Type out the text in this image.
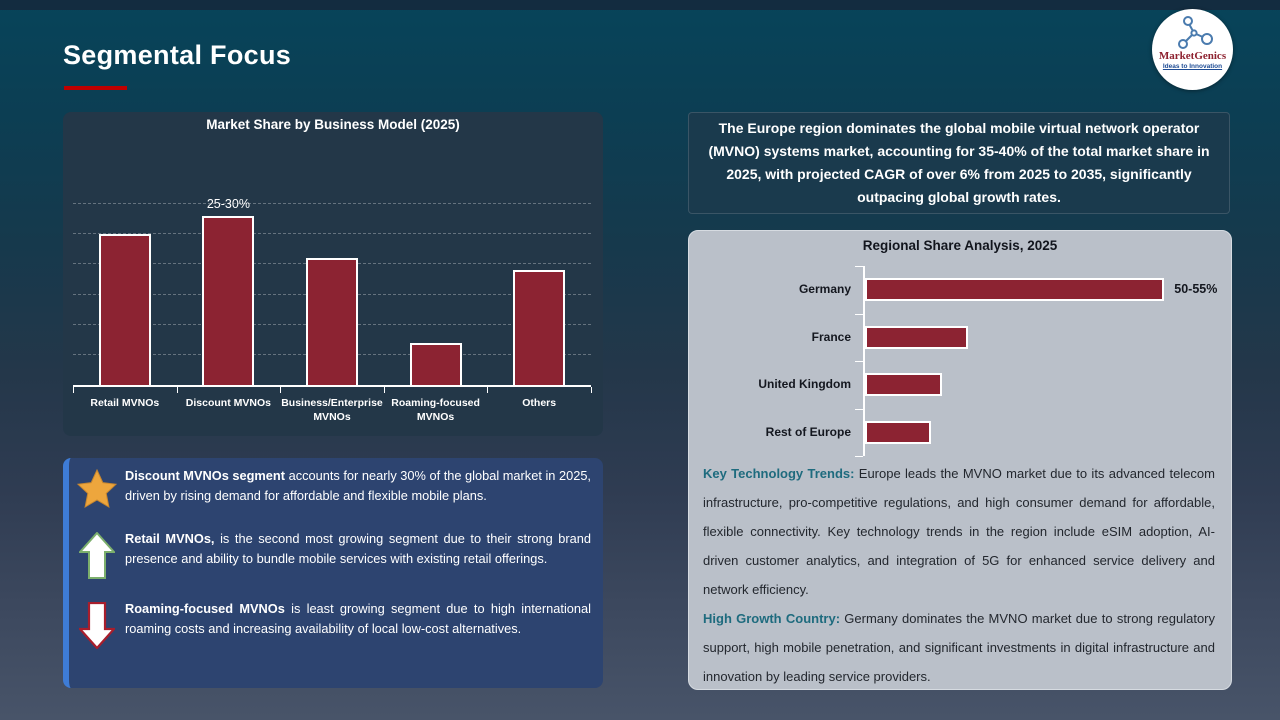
Segmental Focus	MarketGenics
Ideas to Innovation
Market Share by Business Model (2025)
25-30%
Retail MVNOs	Discount MVNOs Business/Enterprise MVNOs
Roaming-focused MVNOs
Others

Discount MVNOs segment accounts for nearly 30% of the global market in 2025, driven by rising demand for affordable and flexible mobile plans.

Retail MVNOs, is the second most growing segment due to their strong brand presence and ability to bundle mobile services with existing retail offerings.

Roaming-focused MVNOs is least growing segment due to high international roaming costs and increasing availability of local low-cost alternatives.

The Europe region dominates the global mobile virtual network operator (MVNO) systems market, accounting for 35-40% of the total market share in 2025, with projected CAGR of over 6% from 2025 to 2035, significantly outpacing global growth rates.
Regional Share Analysis, 2025
Germany	50-55%
France
United Kingdom
Rest of Europe

Key Technology Trends: Europe leads the MVNO market due to its advanced telecom infrastructure, pro-competitive regulations, and high consumer demand for affordable, flexible connectivity. Key technology trends in the region include eSIM adoption, AI-driven customer analytics, and integration of 5G for enhanced service delivery and network efficiency.

High Growth Country: Germany dominates the MVNO market due to strong regulatory support, high mobile penetration, and significant investments in digital infrastructure and innovation by leading service providers.
